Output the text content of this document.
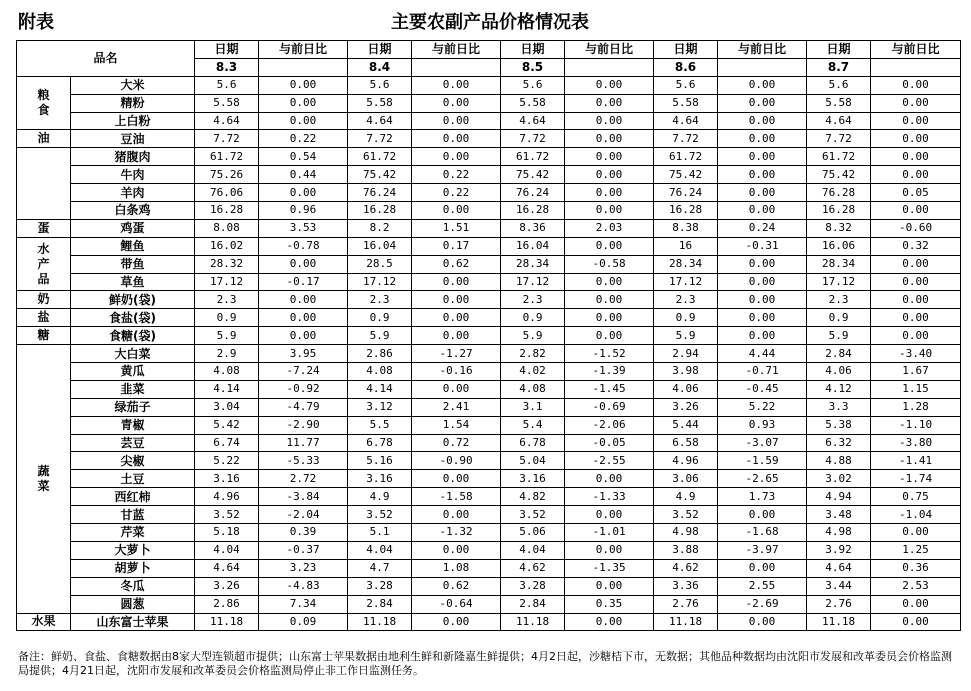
附表	主要农副产品价格情况表
品名		日期	与前日比	日期	与前日比	日期	与前日比	日期	与前日比	日期	与前日比
		8.3		8.4		8.5		8.6		8.7	
粮
食	大米	5.6	0.00	5.6	0.00	5.6	0.00	5.6	0.00	5.6	0.00
	精粉	5.58	0.00	5.58	0.00	5.58	0.00	5.58	0.00	5.58	0.00
	上白粉	4.64	0.00	4.64	0.00	4.64	0.00	4.64	0.00	4.64	0.00
油	豆油	7.72	0.22	7.72	0.00	7.72	0.00	7.72	0.00	7.72	0.00
	猪腹肉	61.72	0.54	61.72	0.00	61.72	0.00	61.72	0.00	61.72	0.00
	牛肉	75.26	0.44	75.42	0.22	75.42	0.00	75.42	0.00	75.42	0.00
	羊肉	76.06	0.00	76.24	0.22	76.24	0.00	76.24	0.00	76.28	0.05
	白条鸡	16.28	0.96	16.28	0.00	16.28	0.00	16.28	0.00	16.28	0.00
蛋	鸡蛋	8.08	3.53	8.2	1.51	8.36	2.03	8.38	0.24	8.32	-0.60
水
产
品	鲤鱼	16.02	-0.78	16.04	0.17	16.04	0.00	16	-0.31	16.06	0.32
	带鱼	28.32	0.00	28.5	0.62	28.34	-0.58	28.34	0.00	28.34	0.00
	草鱼	17.12	-0.17	17.12	0.00	17.12	0.00	17.12	0.00	17.12	0.00
奶	鲜奶(袋)	2.3	0.00	2.3	0.00	2.3	0.00	2.3	0.00	2.3	0.00
盐	食盐(袋)	0.9	0.00	0.9	0.00	0.9	0.00	0.9	0.00	0.9	0.00
糖	食糖(袋)	5.9	0.00	5.9	0.00	5.9	0.00	5.9	0.00	5.9	0.00
蔬
菜	大白菜	2.9	3.95	2.86	-1.27	2.82	-1.52	2.94	4.44	2.84	-3.40
	黄瓜	4.08	-7.24	4.08	-0.16	4.02	-1.39	3.98	-0.71	4.06	1.67
	韭菜	4.14	-0.92	4.14	0.00	4.08	-1.45	4.06	-0.45	4.12	1.15
	绿茄子	3.04	-4.79	3.12	2.41	3.1	-0.69	3.26	5.22	3.3	1.28
	青椒	5.42	-2.90	5.5	1.54	5.4	-2.06	5.44	0.93	5.38	-1.10
	芸豆	6.74	11.77	6.78	0.72	6.78	-0.05	6.58	-3.07	6.32	-3.80
	尖椒	5.22	-5.33	5.16	-0.90	5.04	-2.55	4.96	-1.59	4.88	-1.41
	土豆	3.16	2.72	3.16	0.00	3.16	0.00	3.06	-2.65	3.02	-1.74
	西红柿	4.96	-3.84	4.9	-1.58	4.82	-1.33	4.9	1.73	4.94	0.75
	甘蓝	3.52	-2.04	3.52	0.00	3.52	0.00	3.52	0.00	3.48	-1.04
	芹菜	5.18	0.39	5.1	-1.32	5.06	-1.01	4.98	-1.68	4.98	0.00
	大萝卜	4.04	-0.37	4.04	0.00	4.04	0.00	3.88	-3.97	3.92	1.25
	胡萝卜	4.64	3.23	4.7	1.08	4.62	-1.35	4.62	0.00	4.64	0.36
	冬瓜	3.26	-4.83	3.28	0.62	3.28	0.00	3.36	2.55	3.44	2.53
	圆葱	2.86	7.34	2.84	-0.64	2.84	0.35	2.76	-2.69	2.76	0.00
水果	山东富士苹果	11.18	0.09	11.18	0.00	11.18	0.00	11.18	0.00	11.18	0.00
备注：鲜奶、食盐、食糖数据由8家大型连锁超市提供；山东富士苹果数据由地利生鲜和新隆嘉生鲜提供；4月2日起，沙糖桔下市，无数据；其他品种数据均由沈阳市发展和改革委员会价格监测局提供；4月21日起，沈阳市发展和改革委员会价格监测局停止非工作日监测任务。
